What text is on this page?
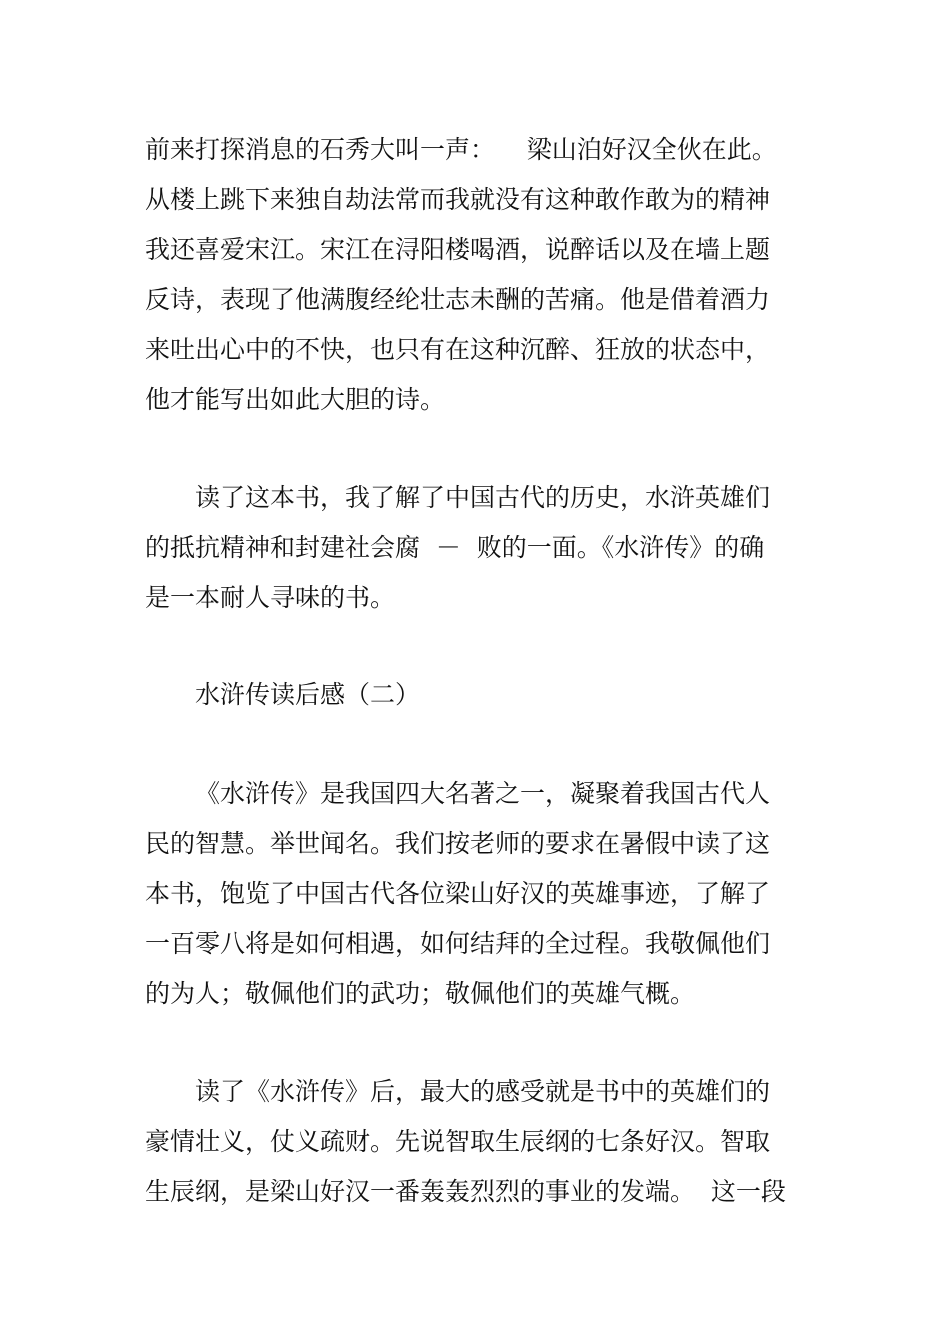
前来打探消息的石秀大叫一声：    梁山泊好汉全伙在此。
从楼上跳下来独自劫法常而我就没有这种敢作敢为的精神
我还喜爱宋江。宋江在浔阳楼喝酒，说醉话以及在墙上题
反诗，表现了他满腹经纶壮志未酬的苦痛。他是借着酒力
来吐出心中的不快，也只有在这种沉醉、狂放的状态中，
他才能写出如此大胆的诗。
读了这本书，我了解了中国古代的历史，水浒英雄们
的抵抗精神和封建社会腐  －  败的一面。《水浒传》的确
是一本耐人寻味的书。
水浒传读后感（二）
《水浒传》是我国四大名著之一，凝聚着我国古代人
民的智慧。举世闻名。我们按老师的要求在暑假中读了这
本书，饱览了中国古代各位梁山好汉的英雄事迹，了解了
一百零八将是如何相遇，如何结拜的全过程。我敬佩他们
的为人；敬佩他们的武功；敬佩他们的英雄气概。
读了《水浒传》后，最大的感受就是书中的英雄们的
豪情壮义，仗义疏财。先说智取生辰纲的七条好汉。智取
生辰纲，是梁山好汉一番轰轰烈烈的事业的发端。  这一段
